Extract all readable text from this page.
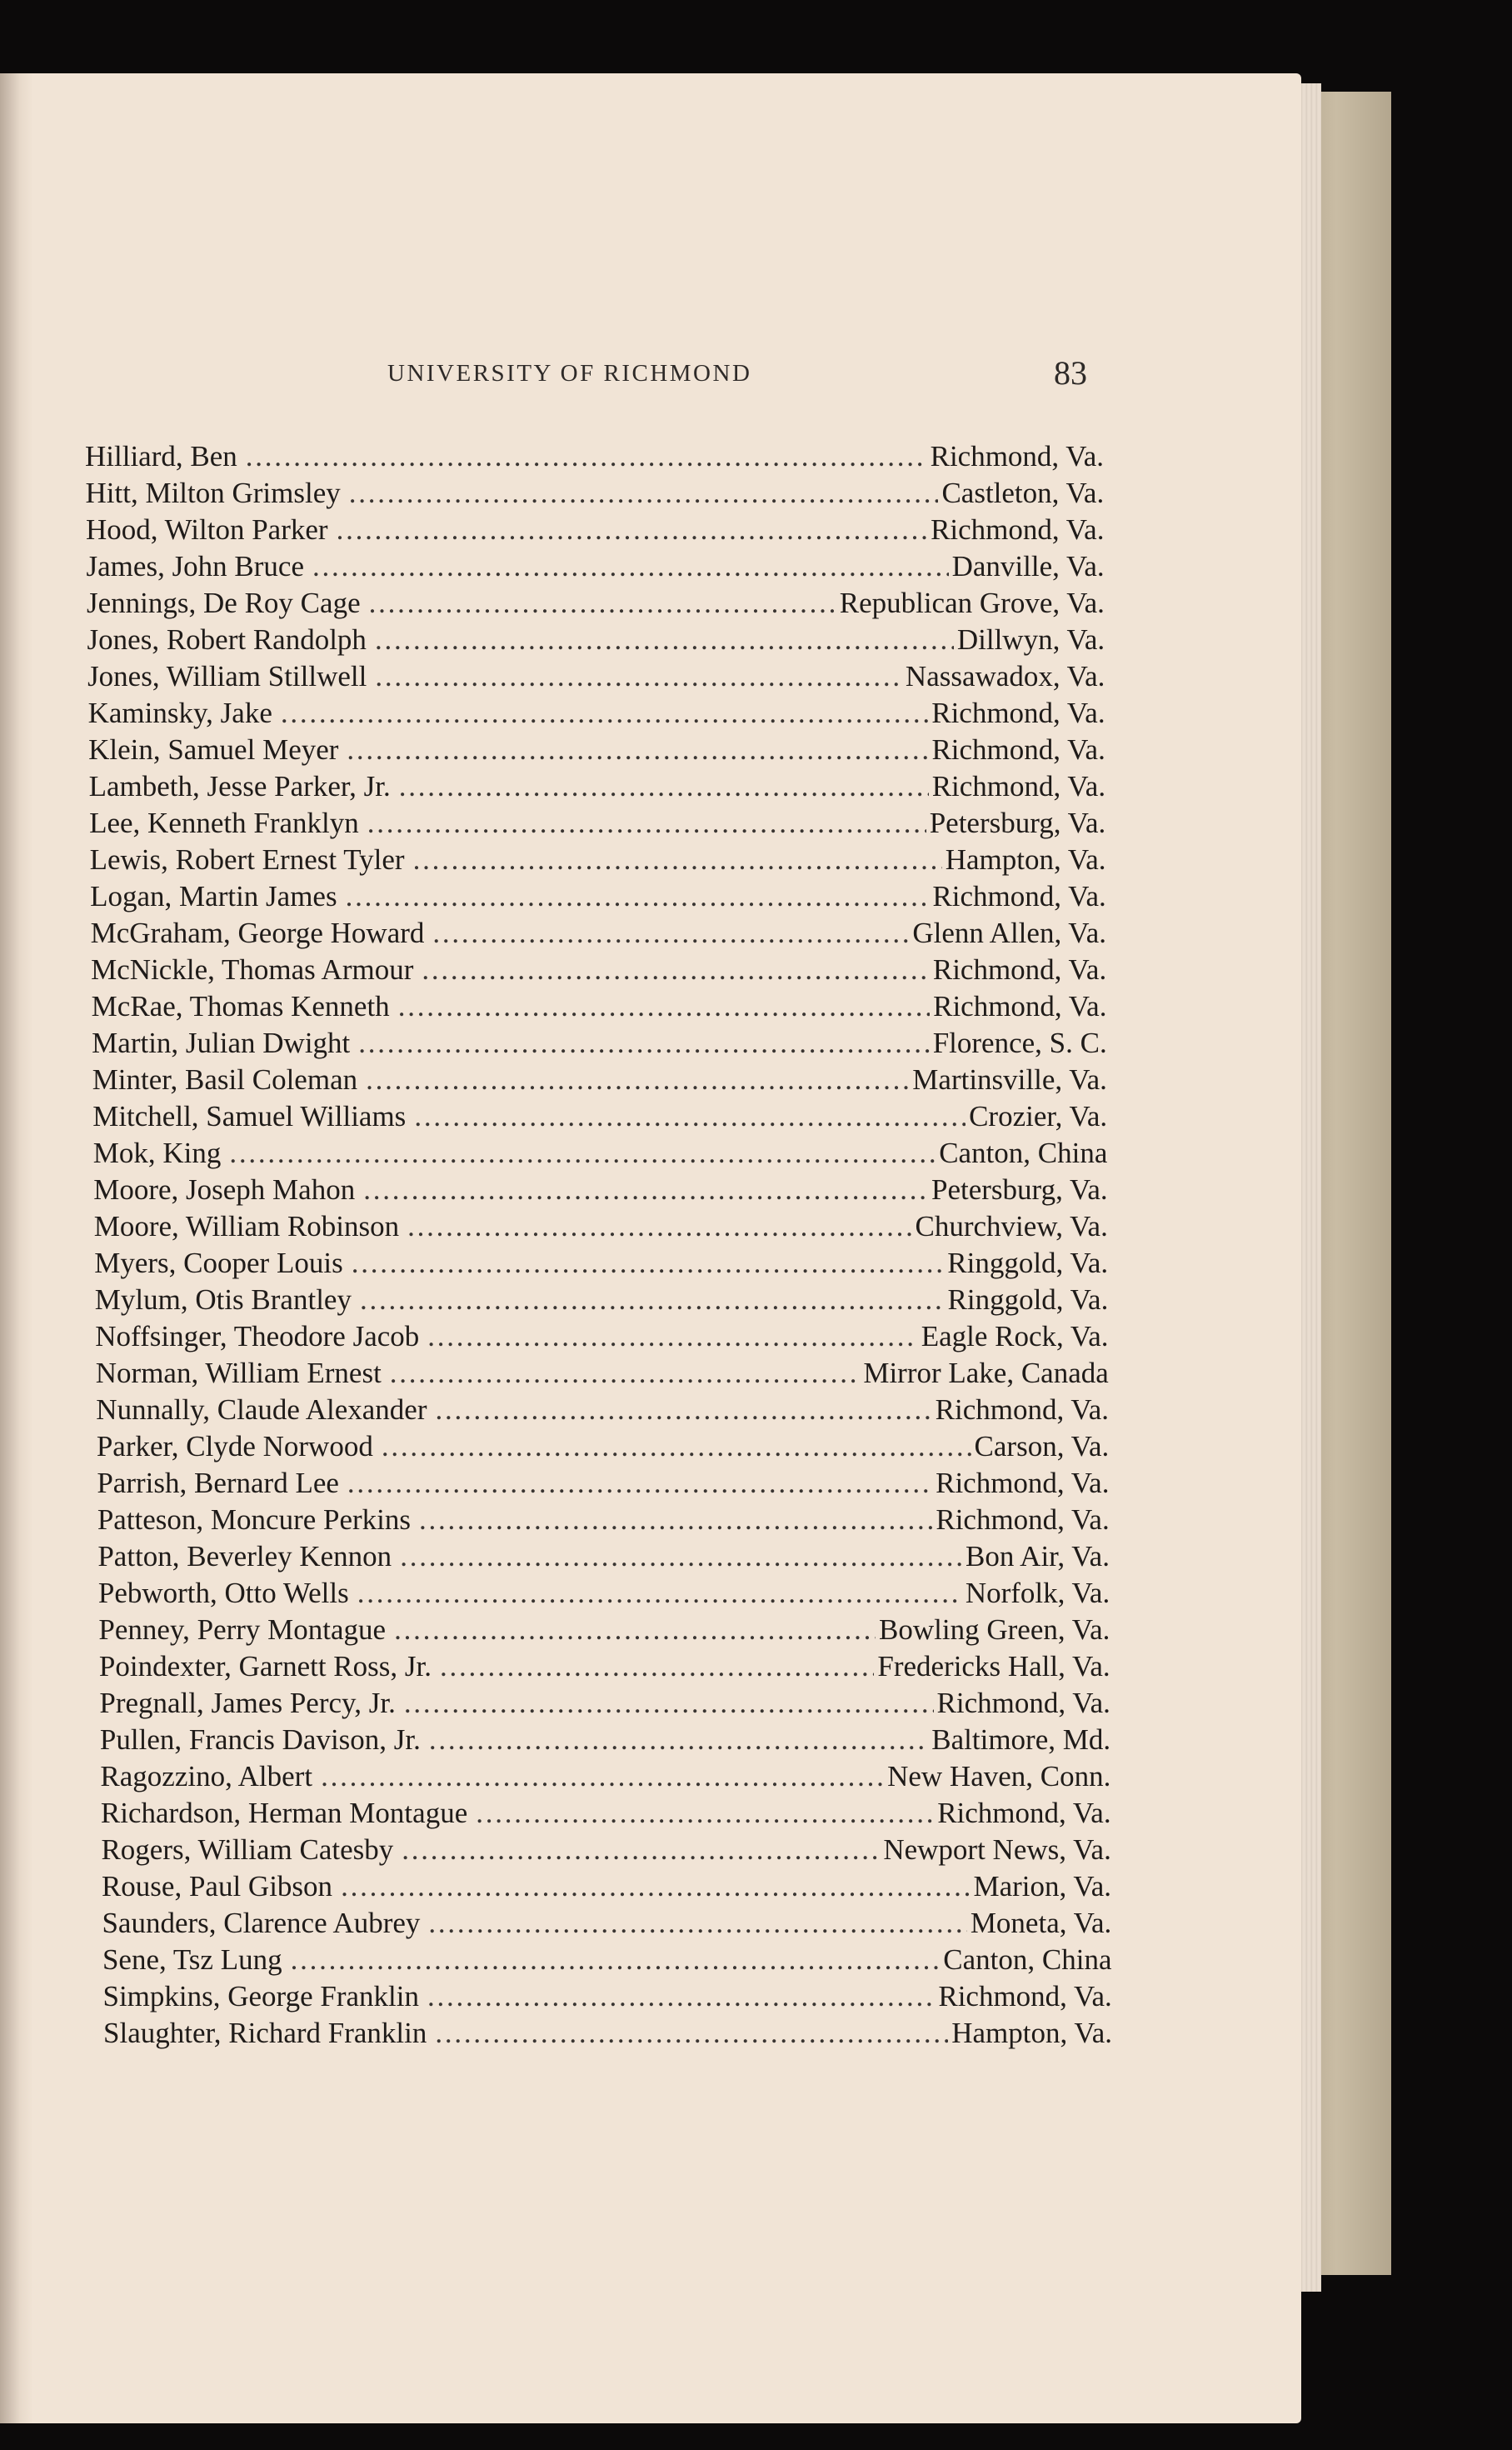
UNIVERSITY OF RICHMOND	83
Hilliard, Ben . . .	Richmond, Va.
Hitt, Milton Grimsley . . .	Castleton, Va.
Hood, Wilton Parker . . .	Richmond, Va.
James, John Bruce . . .	Danville, Va.
Jennings, De Roy Cage . . .	Republican Grove, Va.
Jones, Robert Randolph . . .	Dillwyn, Va.
Jones, William Stillwell . . .	Nassawadox, Va.
Kaminsky, Jake . . .	Richmond, Va.
Klein, Samuel Meyer . . .	Richmond, Va.
Lambeth, Jesse Parker, Jr. . . .	Richmond, Va.
Lee, Kenneth Franklyn . . .	Petersburg, Va.
Lewis, Robert Ernest Tyler . . .	Hampton, Va.
Logan, Martin James . . .	Richmond, Va.
McGraham, George Howard . . .	Glenn Allen, Va.
McNickle, Thomas Armour . . .	Richmond, Va.
McRae, Thomas Kenneth . . .	Richmond, Va.
Martin, Julian Dwight . . .	Florence, S. C.
Minter, Basil Coleman . . .	Martinsville, Va.
Mitchell, Samuel Williams . . .	Crozier, Va.
Mok, King . . .	Canton, China
Moore, Joseph Mahon . . .	Petersburg, Va.
Moore, William Robinson . . .	Churchview, Va.
Myers, Cooper Louis . . .	Ringgold, Va.
Mylum, Otis Brantley . . .	Ringgold, Va.
Noffsinger, Theodore Jacob . . .	Eagle Rock, Va.
Norman, William Ernest . . .	Mirror Lake, Canada
Nunnally, Claude Alexander . . .	Richmond, Va.
Parker, Clyde Norwood . . .	Carson, Va.
Parrish, Bernard Lee . . .	Richmond, Va.
Patteson, Moncure Perkins . . .	Richmond, Va.
Patton, Beverley Kennon . . .	Bon Air, Va.
Pebworth, Otto Wells . . .	Norfolk, Va.
Penney, Perry Montague . . .	Bowling Green, Va.
Poindexter, Garnett Ross, Jr. . . .	Fredericks Hall, Va.
Pregnall, James Percy, Jr. . . .	Richmond, Va.
Pullen, Francis Davison, Jr. . . .	Baltimore, Md.
Ragozzino, Albert . . .	New Haven, Conn.
Richardson, Herman Montague . . .	Richmond, Va.
Rogers, William Catesby . . .	Newport News, Va.
Rouse, Paul Gibson . . .	Marion, Va.
Saunders, Clarence Aubrey . . .	Moneta, Va.
Sene, Tsz Lung . . .	Canton, China
Simpkins, George Franklin . . .	Richmond, Va.
Slaughter, Richard Franklin . . .	Hampton, Va.
